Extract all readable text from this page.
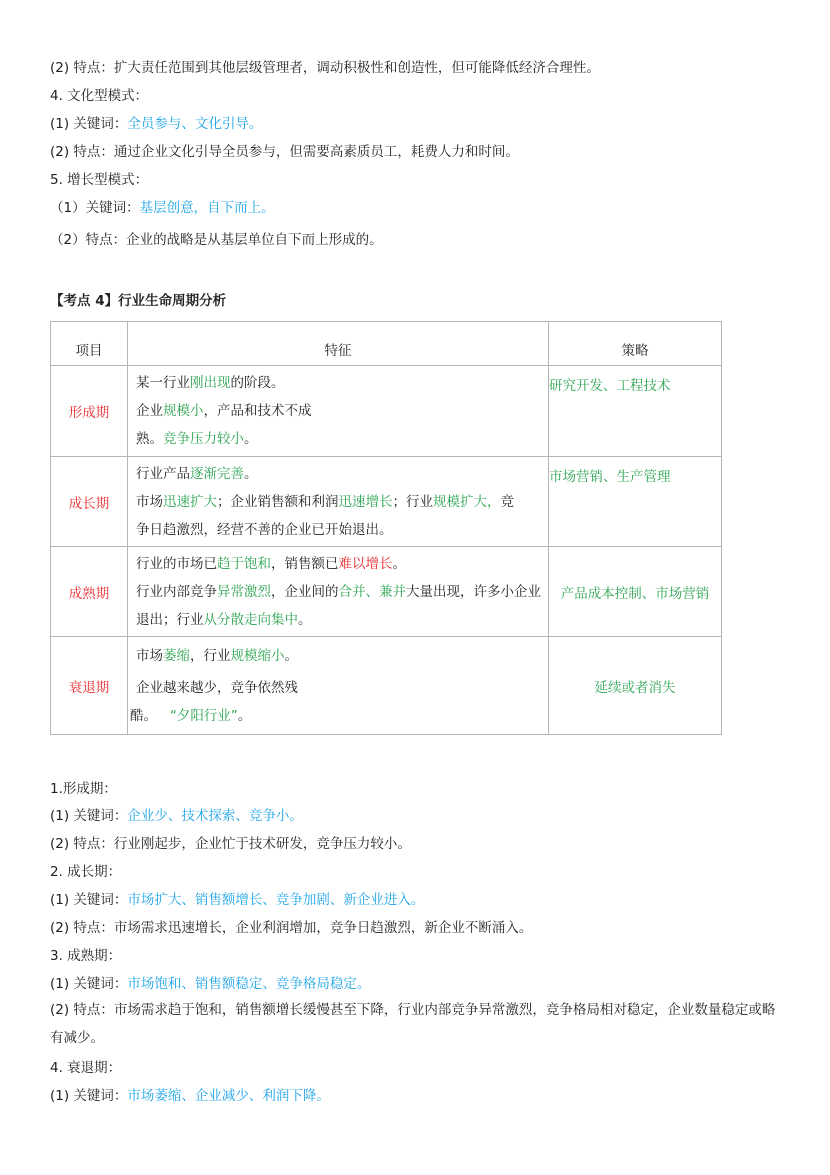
(2) 特点：扩大责任范围到其他层级管理者，调动积极性和创造性，但可能降低经济合理性。
4. 文化型模式：
(1) 关键词：全员参与、文化引导。
(2) 特点：通过企业文化引导全员参与，但需要高素质员工，耗费人力和时间。
5. 增长型模式：
（1）关键词：基层创意，自下而上。
（2）特点：企业的战略是从基层单位自下而上形成的。
【考点 4】行业生命周期分析
项目	特征	策略
形成期	某一行业刚出现的阶段。
企业规模小，产品和技术不成
熟。竞争压力较小。	研究开发、工程技术
成长期	行业产品逐渐完善。
市场迅速扩大；企业销售额和利润迅速增长；行业规模扩大，竞
争日趋激烈，经营不善的企业已开始退出。	市场营销、生产管理
成熟期	行业的市场已趋于饱和，销售额已难以增长。
行业内部竞争异常激烈，企业间的合并、兼并大量出现，许多小企业
退出；行业从分散走向集中。	产品成本控制、市场营销
衰退期	市场萎缩，行业规模缩小。
企业越来越少，竞争依然残
酷。 “夕阳行业”。	延续或者消失
1.形成期：
(1) 关键词：企业少、技术探索、竞争小。
(2) 特点：行业刚起步，企业忙于技术研发，竞争压力较小。
2. 成长期：
(1) 关键词：市场扩大、销售额增长、竞争加剧、新企业进入。
(2) 特点：市场需求迅速增长，企业利润增加，竞争日趋激烈，新企业不断涌入。
3. 成熟期：
(1) 关键词：市场饱和、销售额稳定、竞争格局稳定。
(2) 特点：市场需求趋于饱和，销售额增长缓慢甚至下降，行业内部竞争异常激烈，竞争格局相对稳定，企业数量稳定或略有减少。
4. 衰退期：
(1) 关键词：市场萎缩、企业减少、利润下降。
